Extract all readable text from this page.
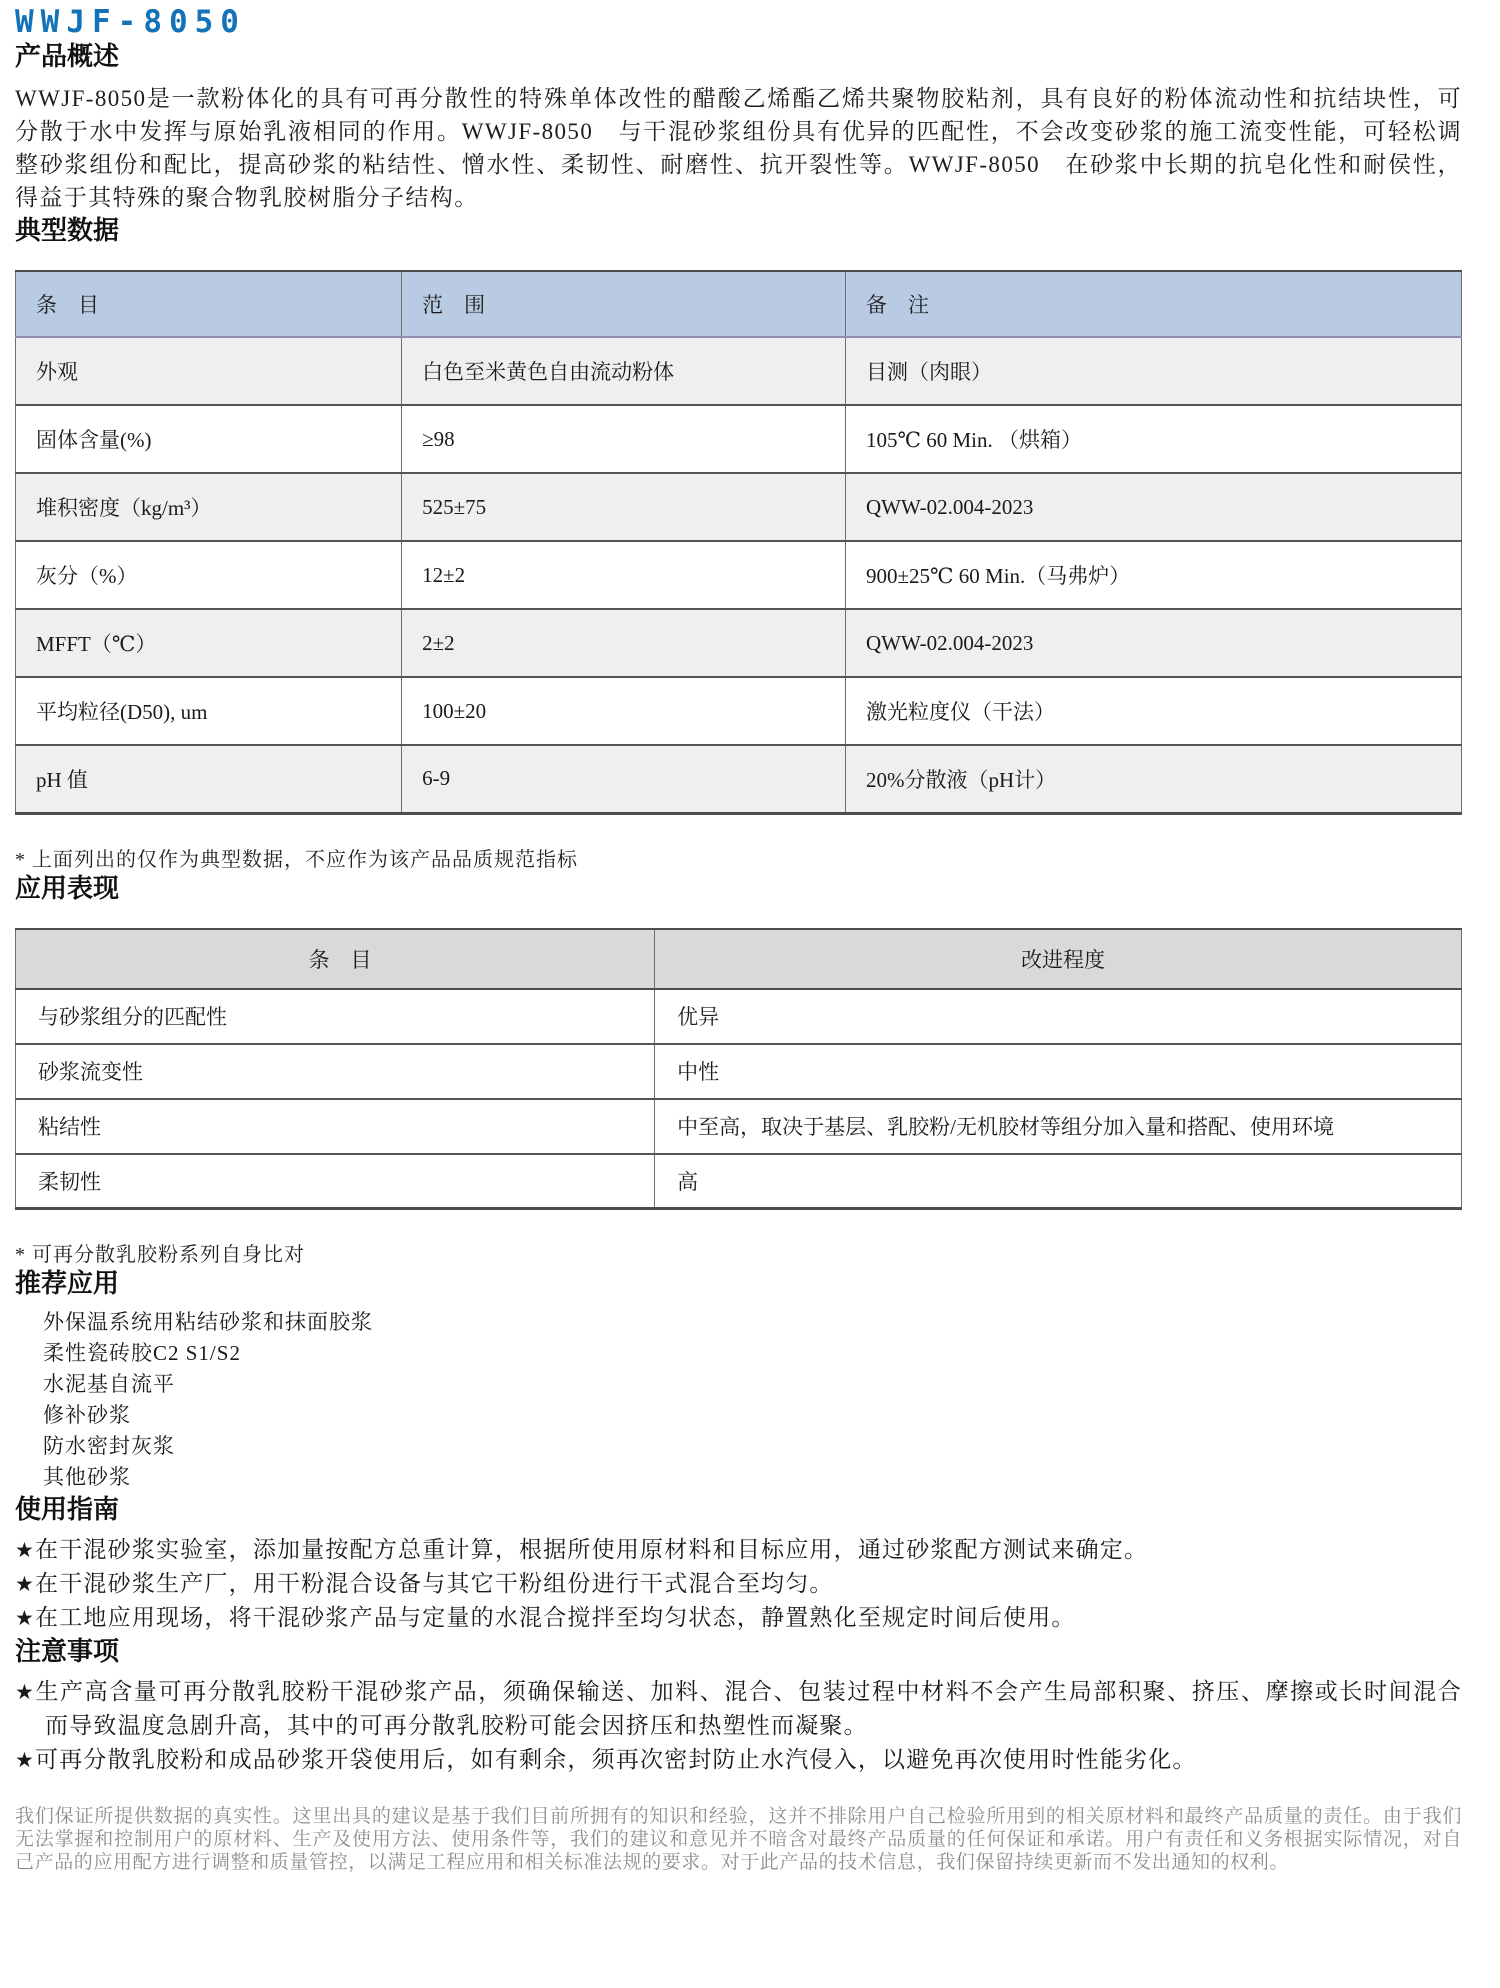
WWJF-8050
产品概述

WWJF-8050是一款粉体化的具有可再分散性的特殊单体改性的醋酸乙烯酯乙烯共聚物胶粘剂，具有良好的粉体流动性和抗结块性，可分散于水中发挥与原始乳液相同的作用。WWJF-8050　与干混砂浆组份具有优异的匹配性，不会改变砂浆的施工流变性能，可轻松调整砂浆组份和配比，提高砂浆的粘结性、憎水性、柔韧性、耐磨性、抗开裂性等。WWJF-8050　在砂浆中长期的抗皂化性和耐侯性，得益于其特殊的聚合物乳胶树脂分子结构。

典型数据
条　目	范　围	备　注
外观	白色至米黄色自由流动粉体	目测（肉眼）
固体含量(%)	≥98	105℃ 60 Min. （烘箱）
堆积密度（kg/m³）	525±75	QWW-02.004-2023
灰分（%）	12±2	900±25℃ 60 Min.（马弗炉）
MFFT（℃）	2±2	QWW-02.004-2023
平均粒径(D50), um	100±20	激光粒度仪（干法）
pH 值	6-9	20%分散液（pH计）
* 上面列出的仅作为典型数据，不应作为该产品品质规范指标
应用表现
条　目	改进程度
与砂浆组分的匹配性	优异
砂浆流变性	中性
粘结性	中至高，取决于基层、乳胶粉/无机胶材等组分加入量和搭配、使用环境
柔韧性	高
* 可再分散乳胶粉系列自身比对
推荐应用
外保温系统用粘结砂浆和抹面胶浆
柔性瓷砖胶C2 S1/S2
水泥基自流平
修补砂浆
防水密封灰浆
其他砂浆
使用指南

★在干混砂浆实验室，添加量按配方总重计算，根据所使用原材料和目标应用，通过砂浆配方测试来确定。

★在干混砂浆生产厂，用干粉混合设备与其它干粉组份进行干式混合至均匀。

★在工地应用现场，将干混砂浆产品与定量的水混合搅拌至均匀状态，静置熟化至规定时间后使用。

注意事项

★生产高含量可再分散乳胶粉干混砂浆产品，须确保输送、加料、混合、包装过程中材料不会产生局部积聚、挤压、摩擦或长时间混合而导致温度急剧升高，其中的可再分散乳胶粉可能会因挤压和热塑性而凝聚。

★可再分散乳胶粉和成品砂浆开袋使用后，如有剩余，须再次密封防止水汽侵入，以避免再次使用时性能劣化。

我们保证所提供数据的真实性。这里出具的建议是基于我们目前所拥有的知识和经验，这并不排除用户自己检验所用到的相关原材料和最终产品质量的责任。由于我们无法掌握和控制用户的原材料、生产及使用方法、使用条件等，我们的建议和意见并不暗含对最终产品质量的任何保证和承诺。用户有责任和义务根据实际情况，对自己产品的应用配方进行调整和质量管控，以满足工程应用和相关标准法规的要求。对于此产品的技术信息，我们保留持续更新而不发出通知的权利。
